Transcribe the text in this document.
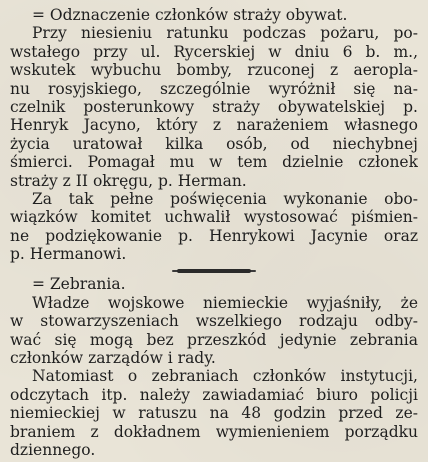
= Odznaczenie członków straży obywat.
Przy niesieniu ratunku podczas pożaru, po-
wstałego przy ul. Rycerskiej w dniu 6 b. m.,
wskutek wybuchu bomby, rzuconej z aeropla-
nu rosyjskiego, szczególnie wyróżnił się na-
czelnik posterunkowy straży obywatelskiej p.
Henryk Jacyno, który z narażeniem własnego
życia uratował kilka osób, od niechybnej
śmierci. Pomagał mu w tem dzielnie członek
straży z II okręgu, p. Herman.
Za tak pełne poświęcenia wykonanie obo-
wiązków komitet uchwalił wystosować piśmien-
ne podziękowanie p. Henrykowi Jacynie oraz
p. Hermanowi.
= Zebrania.
Władze wojskowe niemieckie wyjaśniły, że
w stowarzyszeniach wszelkiego rodzaju odby-
wać się mogą bez przeszkód jedynie zebrania
członków zarządów i rady.
Natomiast o zebraniach członków instytucji,
odczytach itp. należy zawiadamiać biuro policji
niemieckiej w ratuszu na 48 godzin przed ze-
braniem z dokładnem wymienieniem porządku
dziennego.
